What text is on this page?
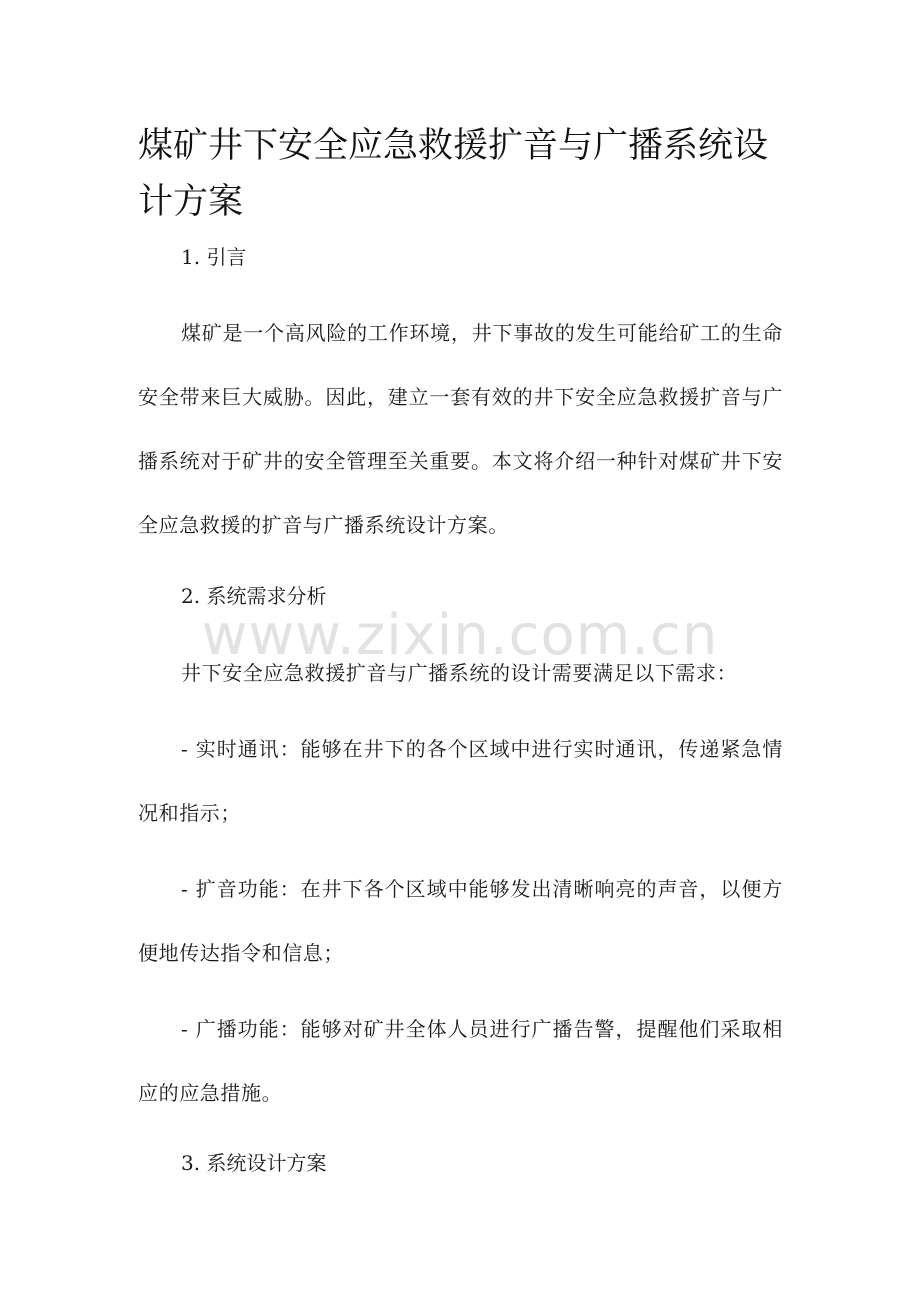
煤矿井下安全应急救援扩音与广播系统设计方案

1. 引言

煤矿是一个高风险的工作环境，井下事故的发生可能给矿工的生命安全带来巨大威胁。因此，建立一套有效的井下安全应急救援扩音与广播系统对于矿井的安全管理至关重要。本文将介绍一种针对煤矿井下安全应急救援的扩音与广播系统设计方案。

2. 系统需求分析

井下安全应急救援扩音与广播系统的设计需要满足以下需求：

- 实时通讯：能够在井下的各个区域中进行实时通讯，传递紧急情况和指示；

- 扩音功能：在井下各个区域中能够发出清晰响亮的声音，以便方便地传达指令和信息；

- 广播功能：能够对矿井全体人员进行广播告警，提醒他们采取相应的应急措施。

3. 系统设计方案

www.zixin.com.cn
